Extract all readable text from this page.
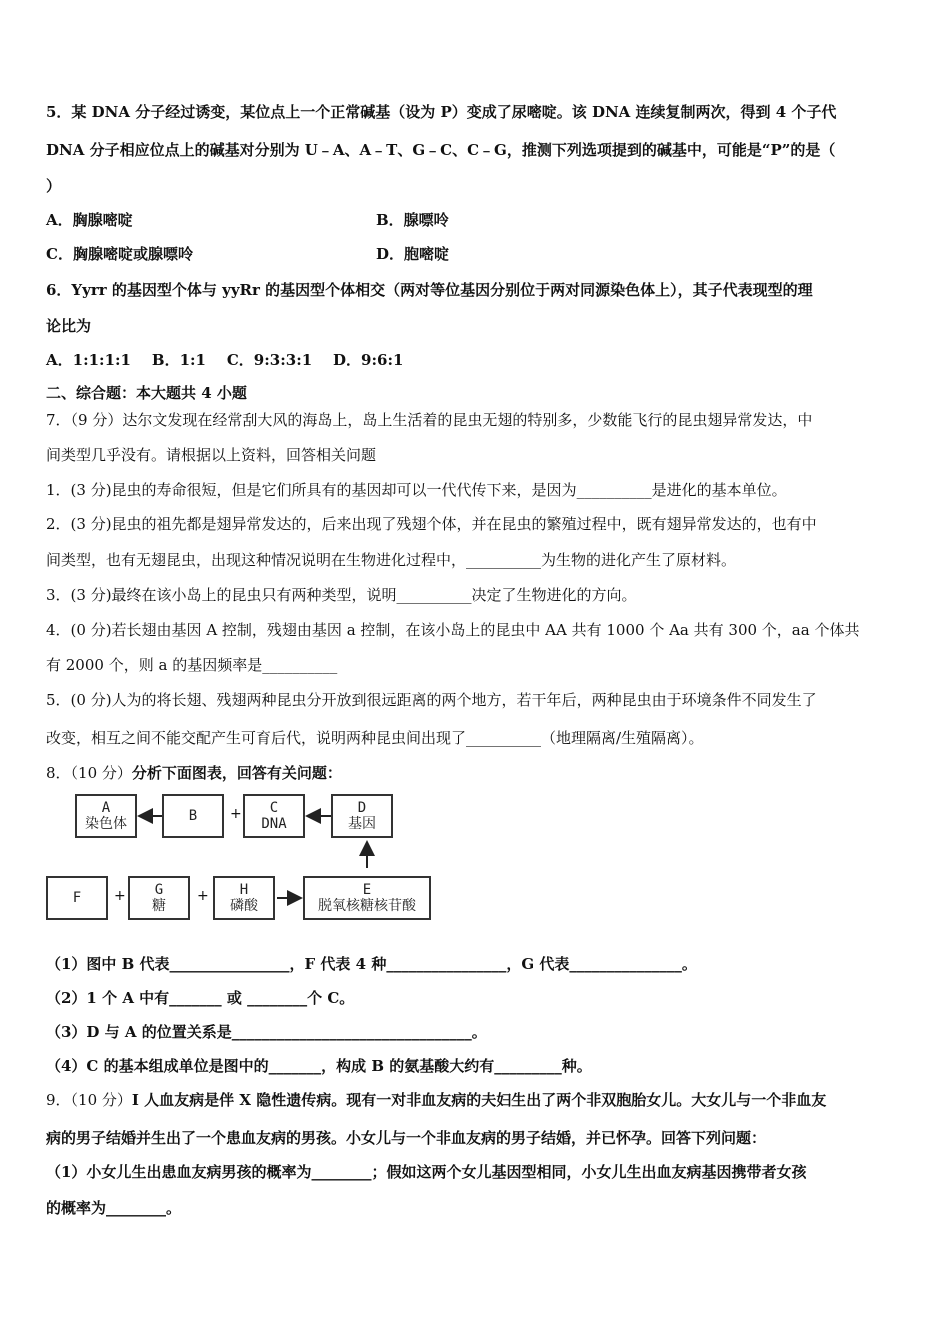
5．某 DNA 分子经过诱变，某位点上一个正常碱基（设为 P）变成了尿嘧啶。该 DNA 连续复制两次，得到 4 个子代
DNA 分子相应位点上的碱基对分别为 U﹣A、A﹣T、G﹣C、C﹣G，推测下列选项提到的碱基中，可能是“P”的是（
）
A．胸腺嘧啶	B．腺嘌呤
C．胸腺嘧啶或腺嘌呤	D．胞嘧啶
6．Yyrr 的基因型个体与 yyRr 的基因型个体相交（两对等位基因分别位于两对同源染色体上），其子代表现型的理
论比为
A．1:1:1:1    B．1:1    C．9:3:3:1    D．9:6:1
二、综合题：本大题共 4 小题
7．（9 分）达尔文发现在经常刮大风的海岛上，岛上生活着的昆虫无翅的特别多，少数能飞行的昆虫翅异常发达，中
间类型几乎没有。请根据以上资料，回答相关问题
1．(3 分)昆虫的寿命很短，但是它们所具有的基因却可以一代代传下来，是因为__________是进化的基本单位。
2．(3 分)昆虫的祖先都是翅异常发达的，后来出现了残翅个体，并在昆虫的繁殖过程中，既有翅异常发达的，也有中
间类型，也有无翅昆虫，出现这种情况说明在生物进化过程中，__________为生物的进化产生了原材料。
3．(3 分)最终在该小岛上的昆虫只有两种类型，说明__________决定了生物进化的方向。
4．(0 分)若长翅由基因 A 控制，残翅由基因 a 控制，在该小岛上的昆虫中 AA 共有 1000 个 Aa 共有 300 个，aa 个体共
有 2000 个，则 a 的基因频率是__________
5．(0 分)人为的将长翅、残翅两种昆虫分开放到很远距离的两个地方，若干年后，两种昆虫由于环境条件不同发生了
改变，相互之间不能交配产生可育后代，说明两种昆虫间出现了__________（地理隔离/生殖隔离）。
8．（10 分）分析下面图表，回答有关问题：
A
染色体	B + C
DNA
D
基因
F + G
糖
+ H
磷酸
E
脱氧核糖核苷酸
（1）图中 B 代表________________，F 代表 4 种________________，G 代表_______________。
（2）1 个 A 中有_______ 或 ________个 C。
（3）D 与 A 的位置关系是________________________________。
（4）C 的基本组成单位是图中的_______，构成 B 的氨基酸大约有_________种。
9．（10 分）I 人血友病是伴 X 隐性遗传病。现有一对非血友病的夫妇生出了两个非双胞胎女儿。大女儿与一个非血友
病的男子结婚并生出了一个患血友病的男孩。小女儿与一个非血友病的男子结婚，并已怀孕。回答下列问题：
（1）小女儿生出患血友病男孩的概率为________；假如这两个女儿基因型相同，小女儿生出血友病基因携带者女孩
的概率为________。
